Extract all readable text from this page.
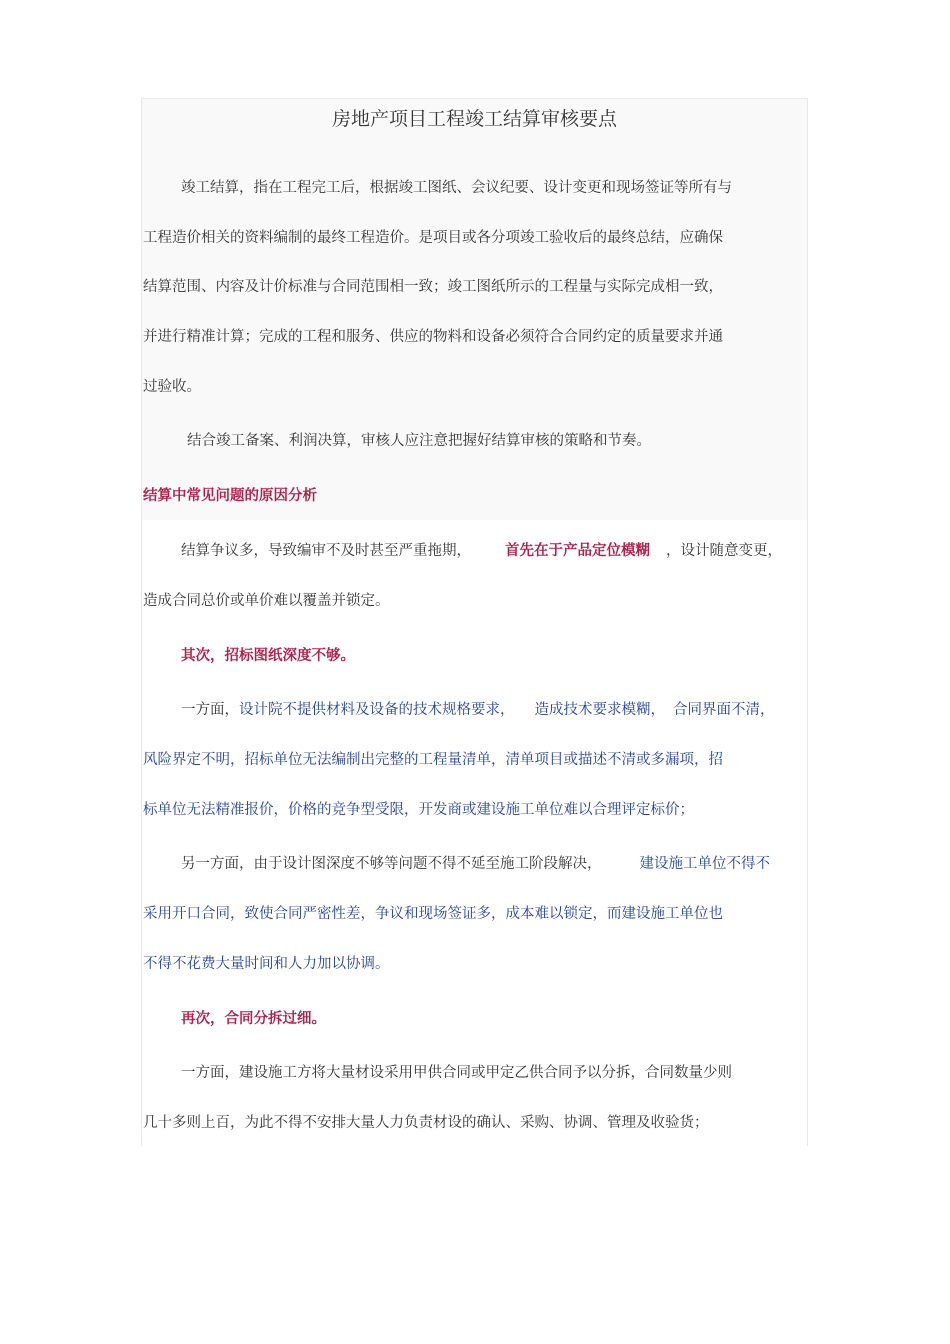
房地产项目工程竣工结算审核要点
竣工结算，指在工程完工后，根据竣工图纸、会议纪要、设计变更和现场签证等所有与
工程造价相关的资料编制的最终工程造价。是项目或各分项竣工验收后的最终总结，应确保
结算范围、内容及计价标准与合同范围相一致；竣工图纸所示的工程量与实际完成相一致，
并进行精准计算；完成的工程和服务、供应的物料和设备必须符合合同约定的质量要求并通
过验收。
结合竣工备案、利润决算，审核人应注意把握好结算审核的策略和节奏。
结算中常见问题的原因分析
结算争议多，导致编审不及时甚至严重拖期， 首先在于产品定位模糊 ，设计随意变更，
造成合同总价或单价难以覆盖并锁定。
其次，招标图纸深度不够。
一方面，设计院不提供材料及设备的技术规格要求， 造成技术要求模糊， 合同界面不清，
风险界定不明，招标单位无法编制出完整的工程量清单，清单项目或描述不清或多漏项，招
标单位无法精准报价，价格的竞争型受限，开发商或建设施工单位难以合理评定标价；
另一方面，由于设计图深度不够等问题不得不延至施工阶段解决，	建设施工单位不得不
采用开口合同，致使合同严密性差，争议和现场签证多，成本难以锁定，而建设施工单位也
不得不花费大量时间和人力加以协调。
再次，合同分拆过细。
一方面，建设施工方将大量材设采用甲供合同或甲定乙供合同予以分拆，合同数量少则
几十多则上百，为此不得不安排大量人力负责材设的确认、采购、协调、管理及收验货；
